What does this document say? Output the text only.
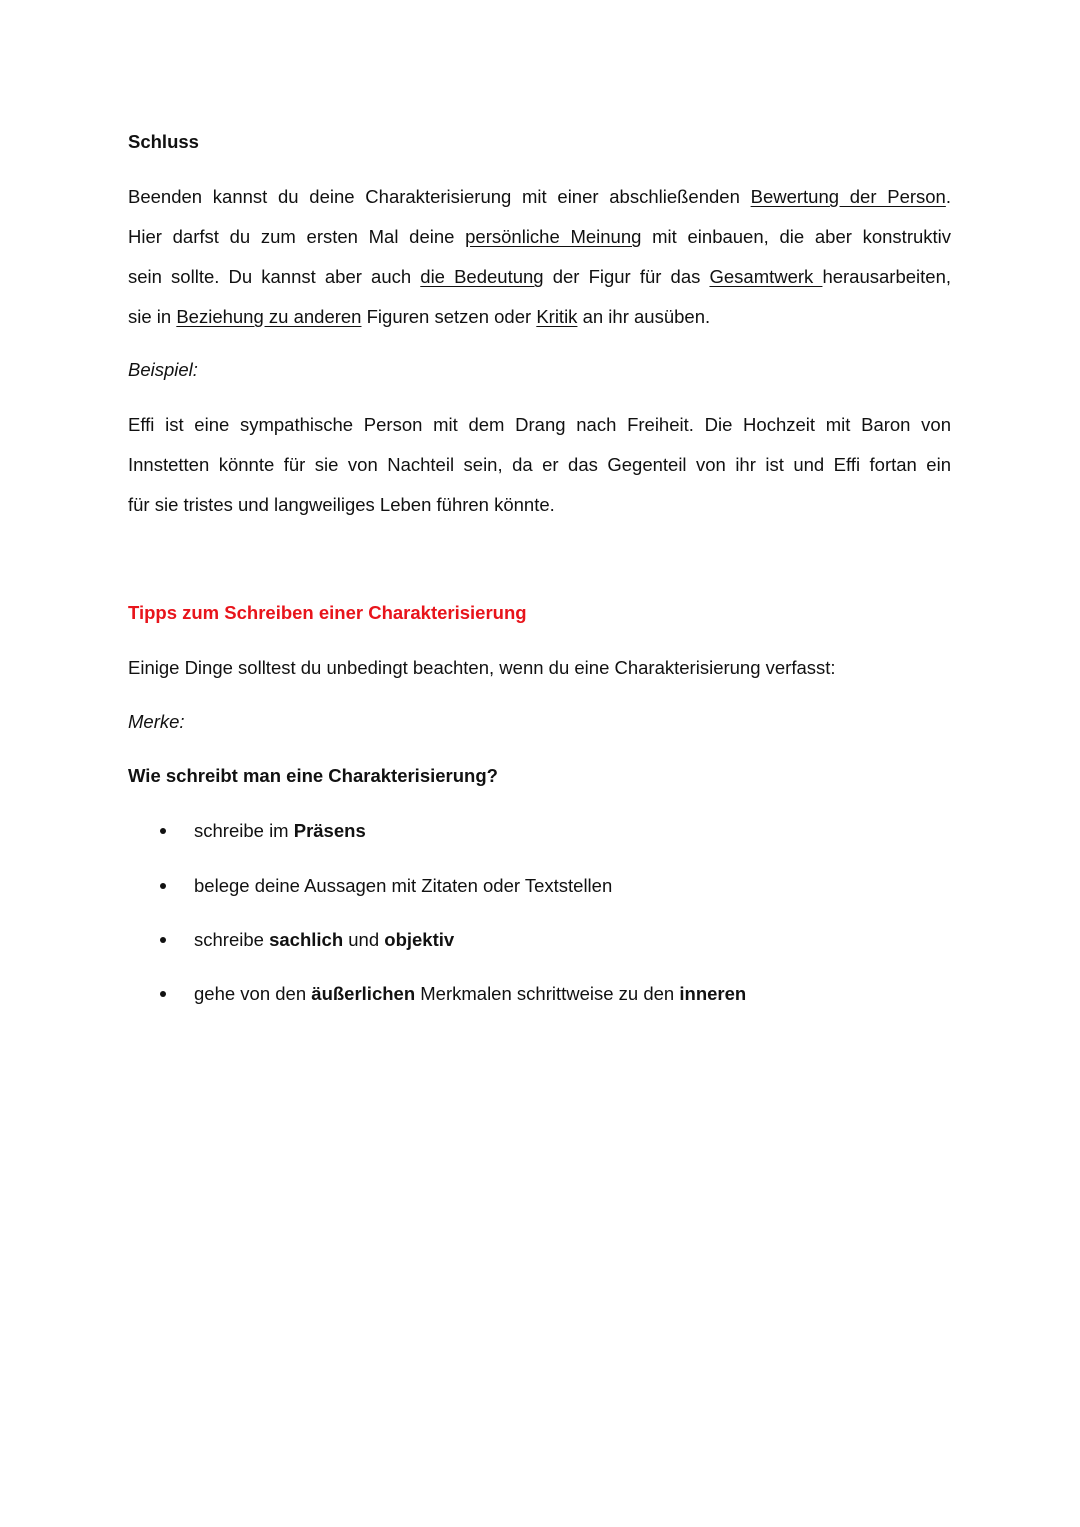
Schluss
Beenden kannst du deine Charakterisierung mit einer abschließenden Bewertung der Person.
Hier darfst du zum ersten Mal deine persönliche Meinung mit einbauen, die aber konstruktiv
sein sollte. Du kannst aber auch die Bedeutung der Figur für das Gesamtwerk herausarbeiten,
sie in Beziehung zu anderen Figuren setzen oder Kritik an ihr ausüben.
Beispiel:
Effi ist eine sympathische Person mit dem Drang nach Freiheit. Die Hochzeit mit Baron von
Innstetten könnte für sie von Nachteil sein, da er das Gegenteil von ihr ist und Effi fortan ein
für sie tristes und langweiliges Leben führen könnte.
Tipps zum Schreiben einer Charakterisierung
Einige Dinge solltest du unbedingt beachten, wenn du eine Charakterisierung verfasst:
Merke:
Wie schreibt man eine Charakterisierung?
schreibe im Präsens
belege deine Aussagen mit Zitaten oder Textstellen
schreibe sachlich und objektiv
gehe von den äußerlichen Merkmalen schrittweise zu den inneren
